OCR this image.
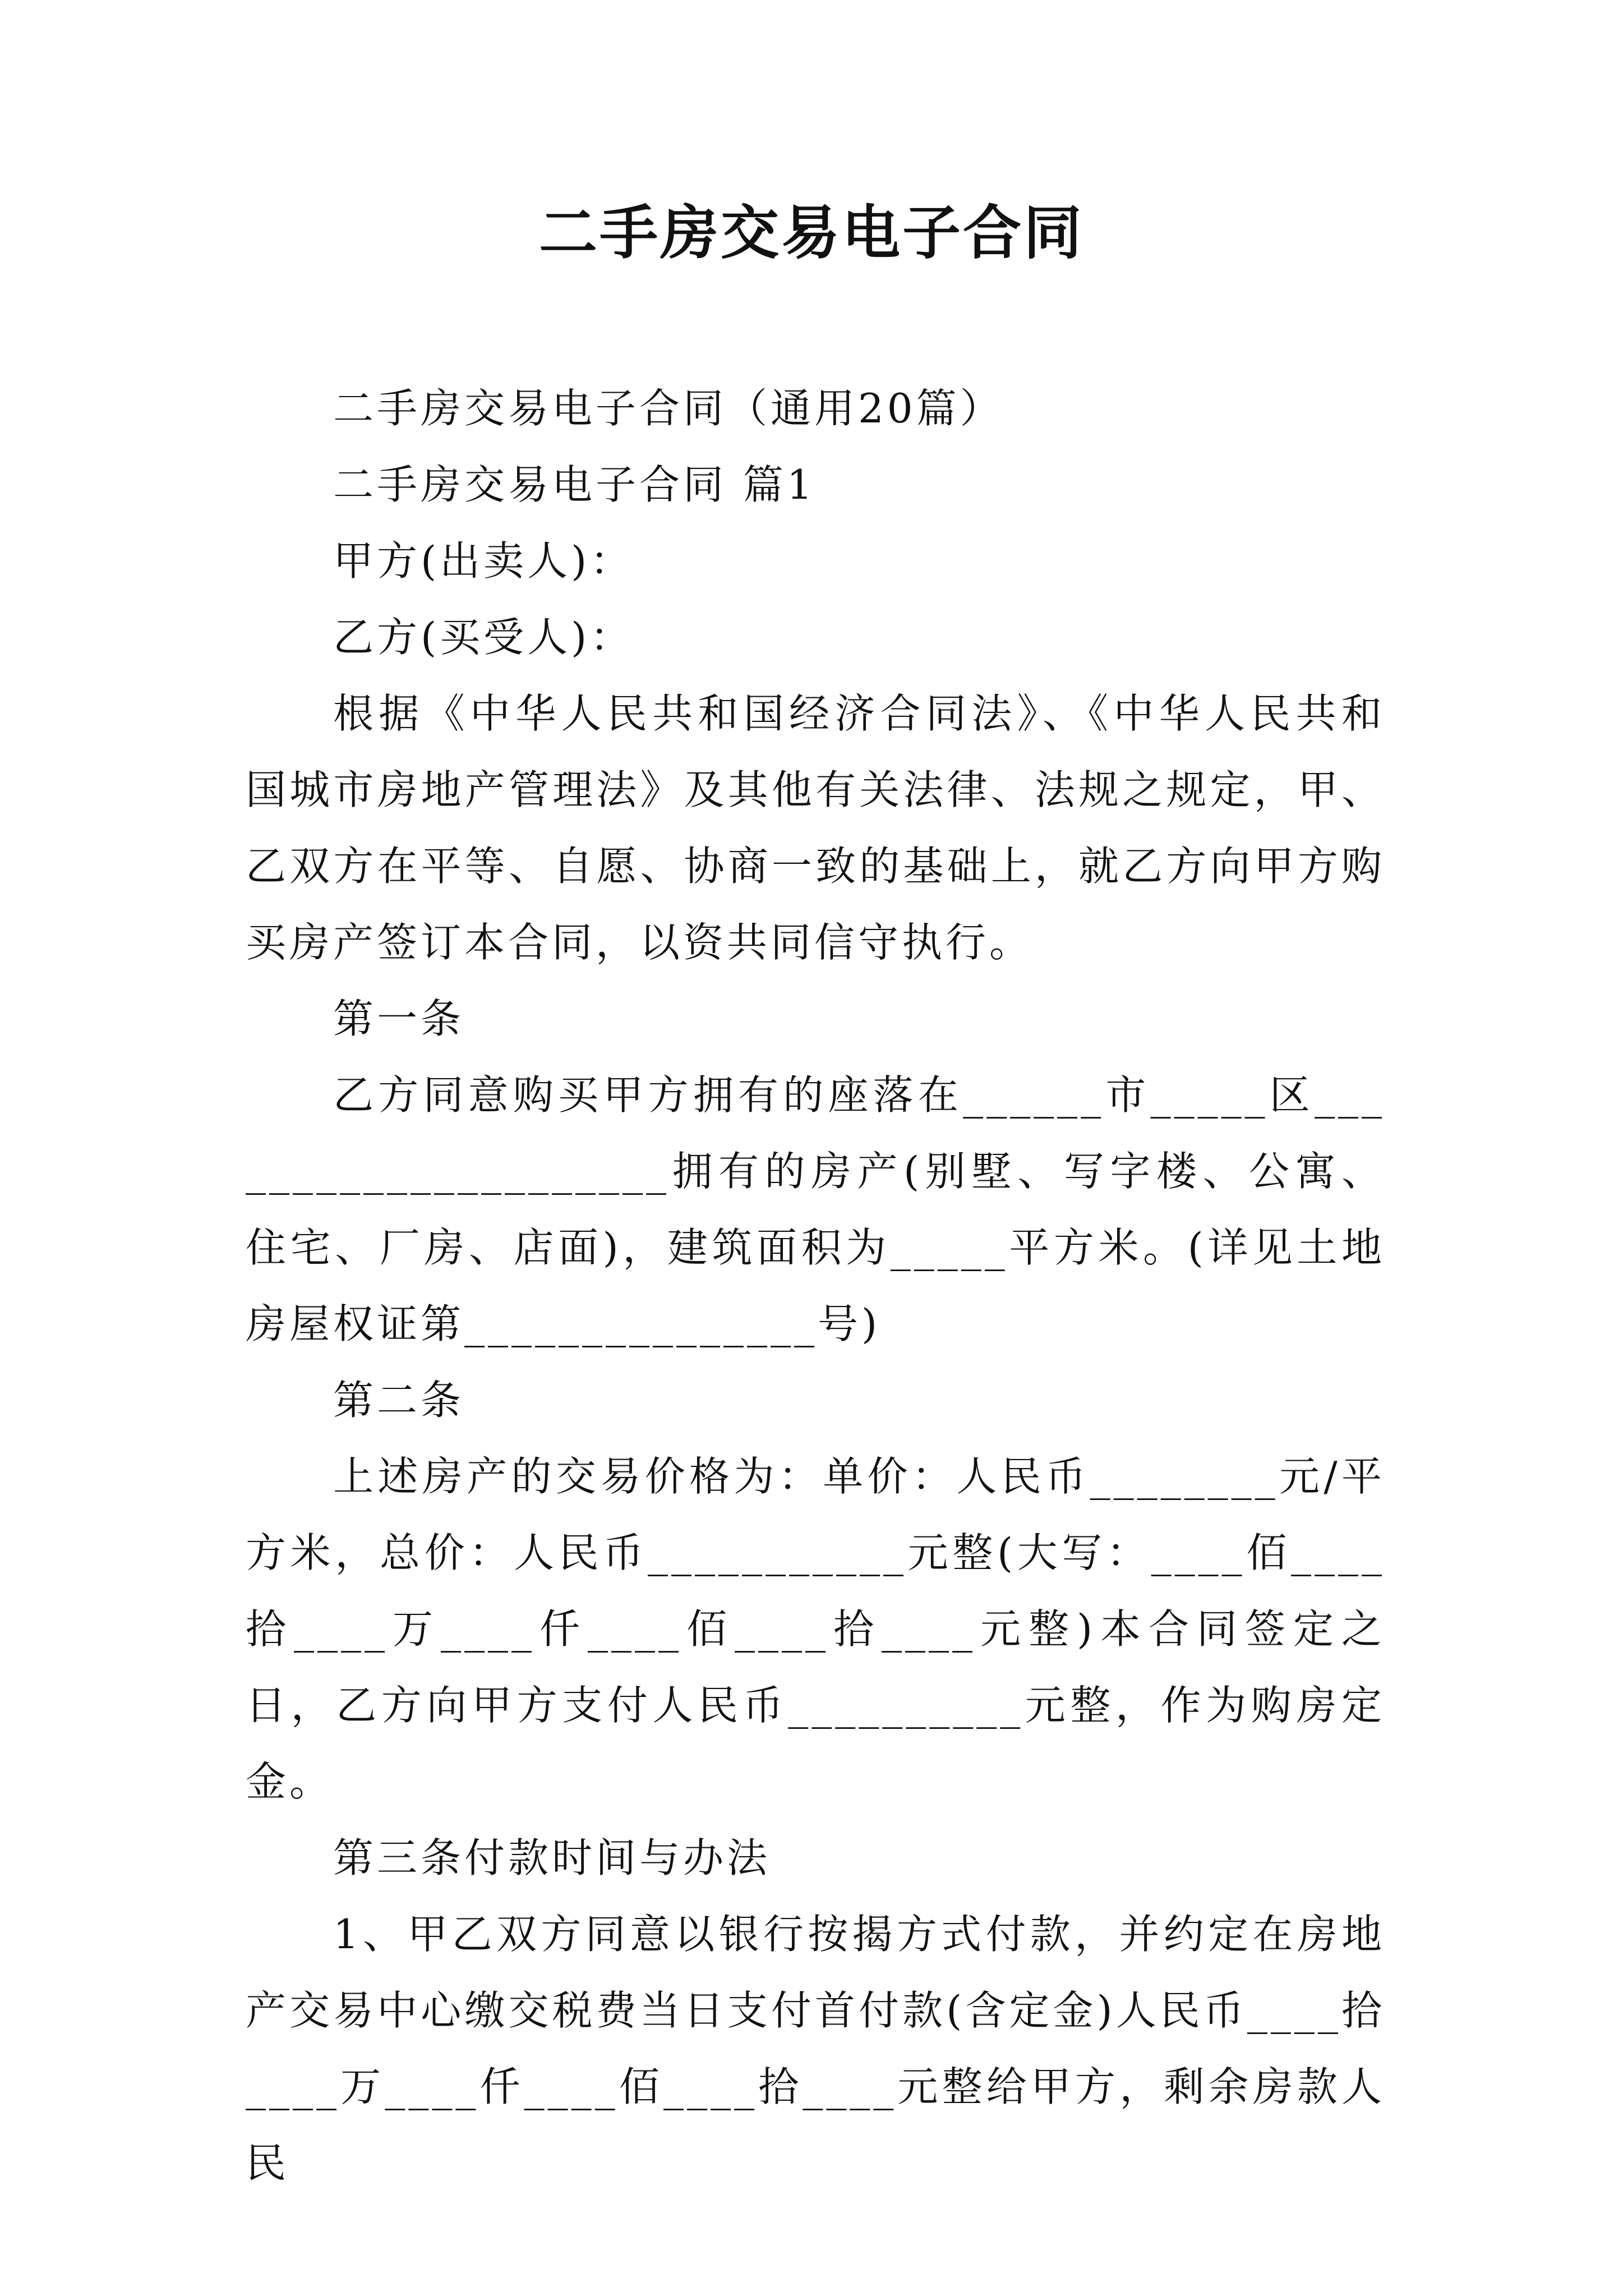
二手房交易电子合同

二手房交易电子合同（通用20篇）

二手房交易电子合同 篇1

甲方(出卖人)：

乙方(买受人)：

根据《中华人民共和国经济合同法》、《中华人民共和国城市房地产管理法》及其他有关法律、法规之规定，甲、乙双方在平等、自愿、协商一致的基础上，就乙方向甲方购买房产签订本合同，以资共同信守执行。

第一条

乙方同意购买甲方拥有的座落在______市_____区_____________________拥有的房产(别墅、写字楼、公寓、住宅、厂房、店面)，建筑面积为_____平方米。(详见土地房屋权证第_______________号)

第二条

上述房产的交易价格为：单价：人民币________元/平方米，总价：人民币___________元整(大写：____佰____拾____万____仟____佰____拾____元整)本合同签定之日，乙方向甲方支付人民币__________元整，作为购房定金。

第三条付款时间与办法

1、甲乙双方同意以银行按揭方式付款，并约定在房地产交易中心缴交税费当日支付首付款(含定金)人民币____拾____万____仟____佰____拾____元整给甲方，剩余房款人民
